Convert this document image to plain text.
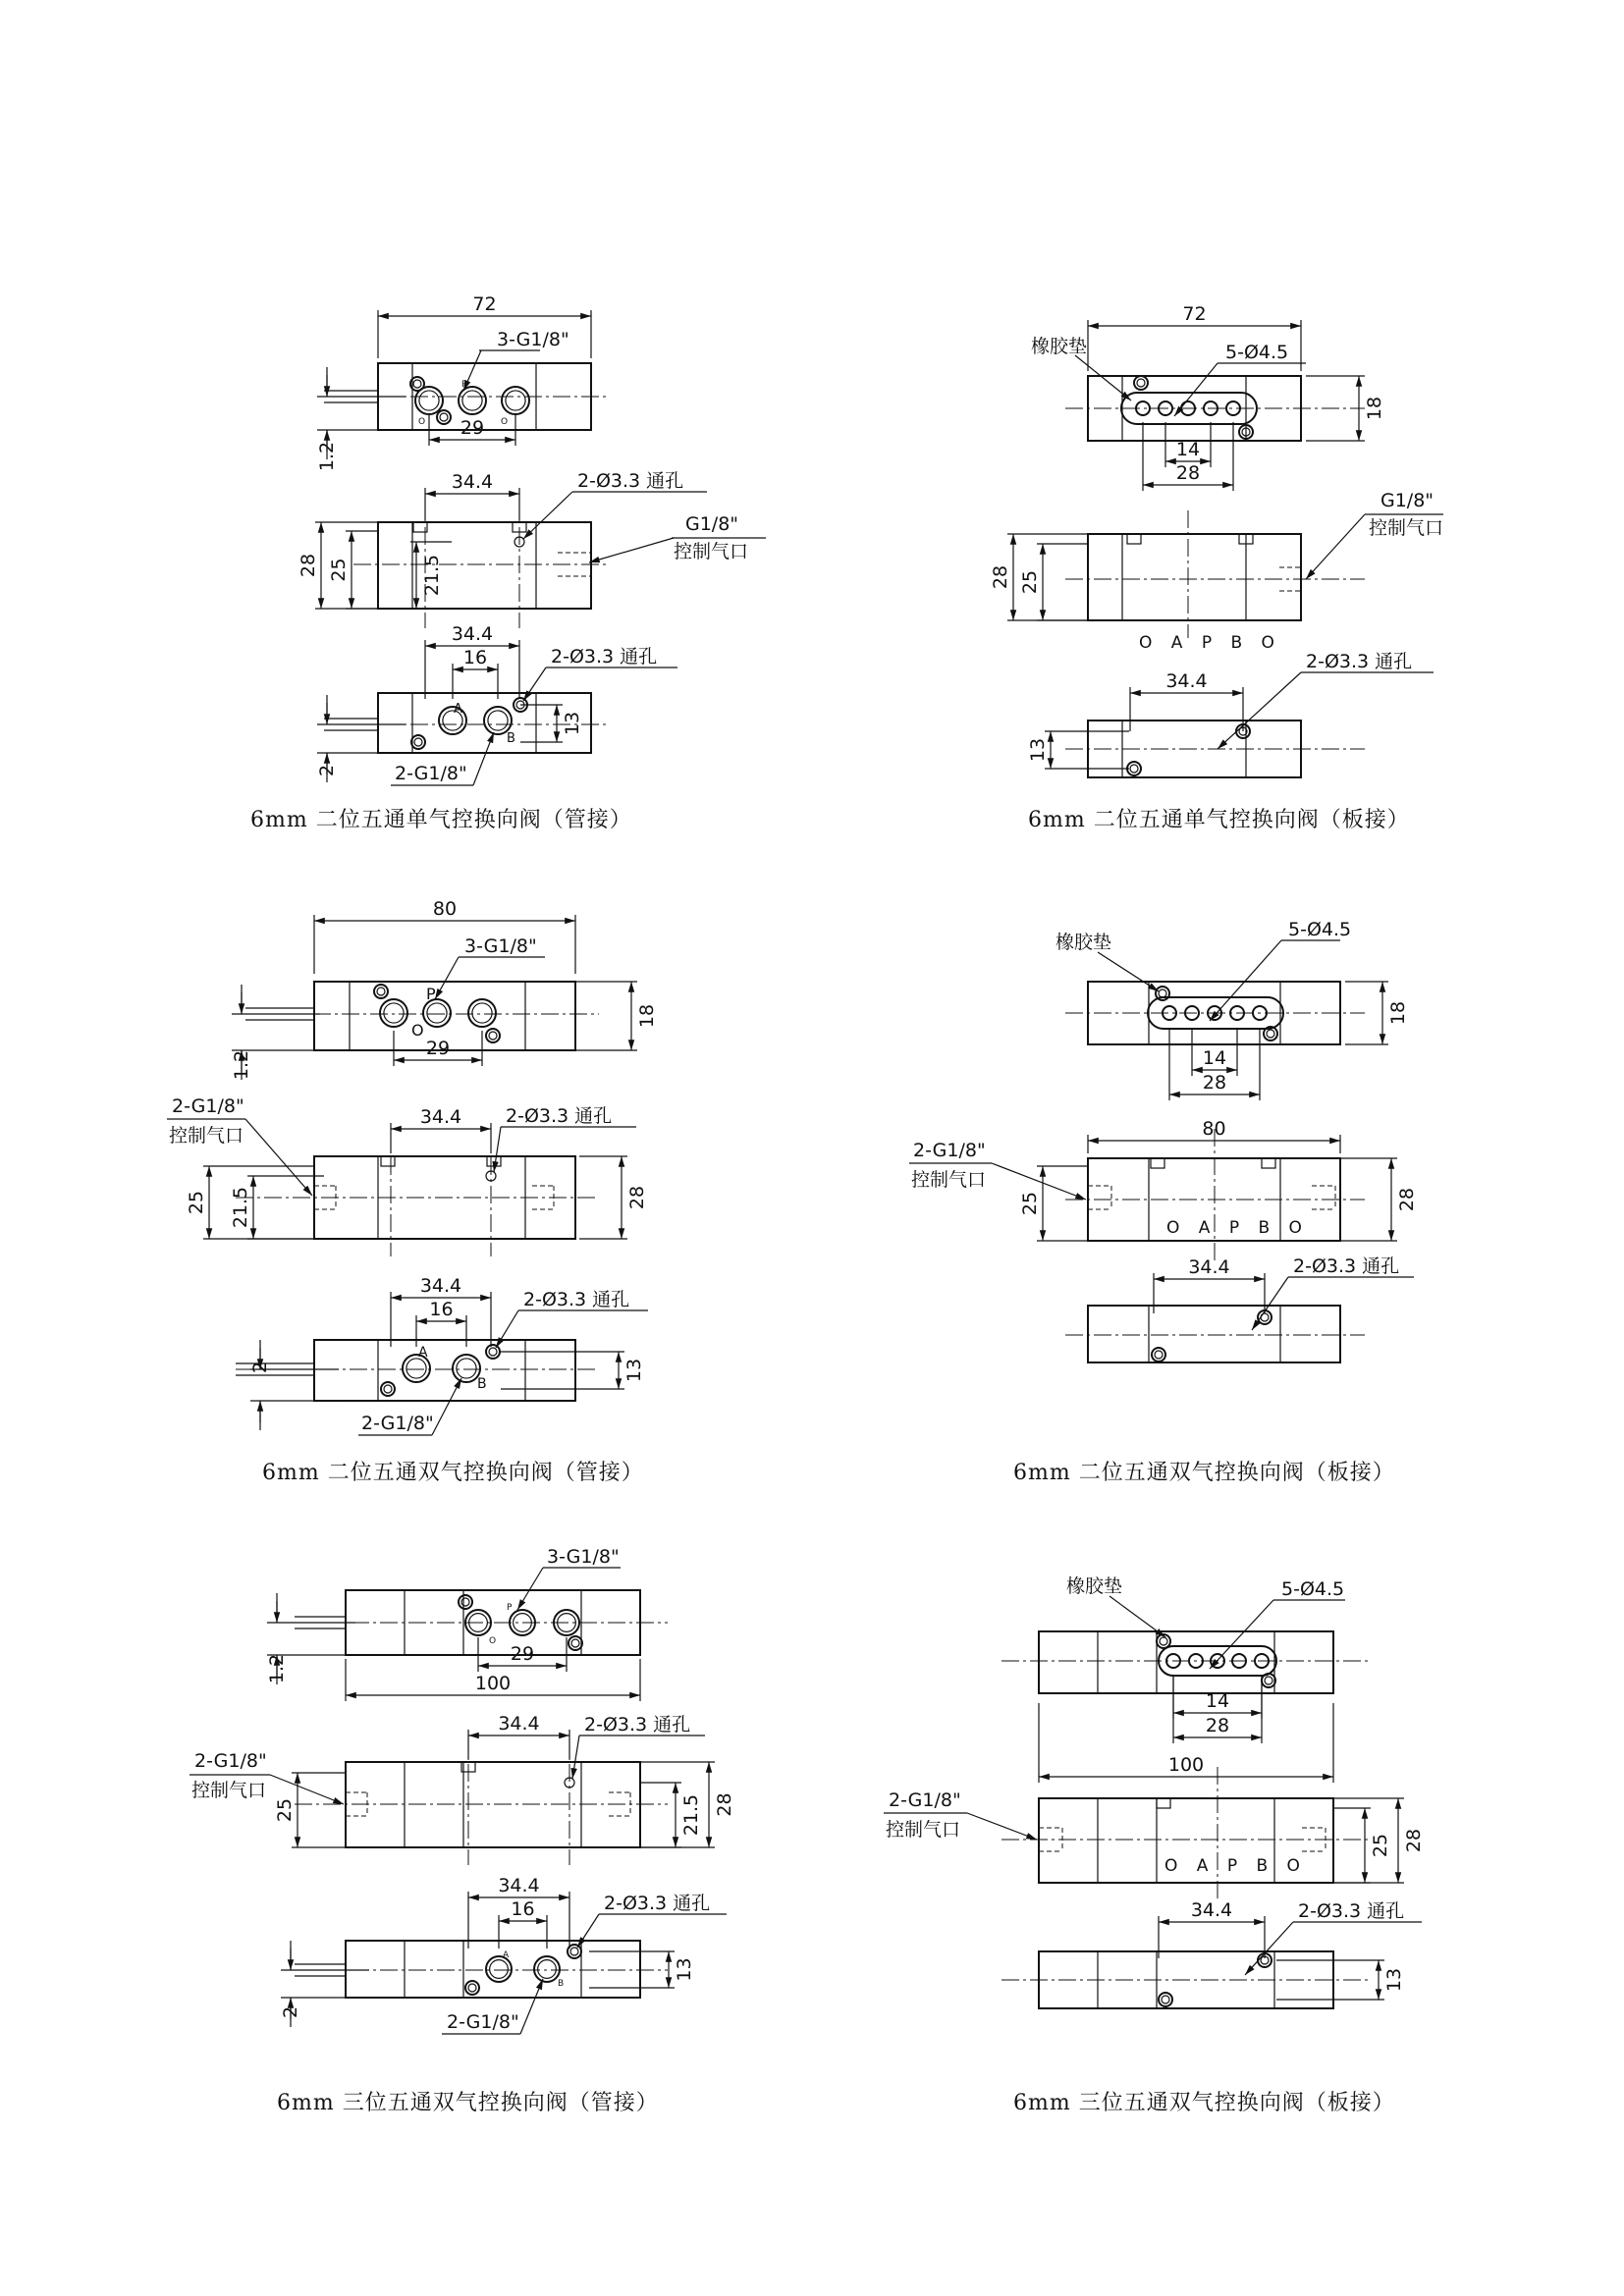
P
O	O
72
29
3-G1/8"
1.2
34.4	2-Ø3.3 通孔
G1/8"
控制气口
28 25	21.5
A
B
34.4
16	2-Ø3.3 通孔
13
2	2-G1/8"
72
18
14
28
橡胶垫	5-Ø4.5
O A P B O
28 25
G1/8"
控制气口
34.4
13
2-Ø3.3 通孔
P
O
80
29
18
3-G1/8"
1.2
34.4 2-Ø3.3 通孔
2-G1/8"
控制气口
28
25 21.5
A
B
34.4
16	2-Ø3.3 通孔
13
2
2-G1/8"
18
14
28
橡胶垫
5-Ø4.5
80
O A P B O
25	28
2-G1/8"
控制气口
34.4	2-Ø3.3 通孔
P
O
29
100
3-G1/8"
1.2
34.4 2-Ø3.3 通孔
2-G1/8"
控制气口
25	21.5 28
A
B
34.4
16	2-Ø3.3 通孔
13
2	2-G1/8"
14
28
橡胶垫	5-Ø4.5
100
O A P B O
25 28
2-G1/8"
控制气口
34.4	2-Ø3.3 通孔
13
6mm 二位五通单气控换向阀（管接）	6mm 二位五通单气控换向阀（板接）
6mm 二位五通双气控换向阀（管接）	6mm 二位五通双气控换向阀（板接）
6mm 三位五通双气控换向阀（管接）	6mm 三位五通双气控换向阀（板接）
